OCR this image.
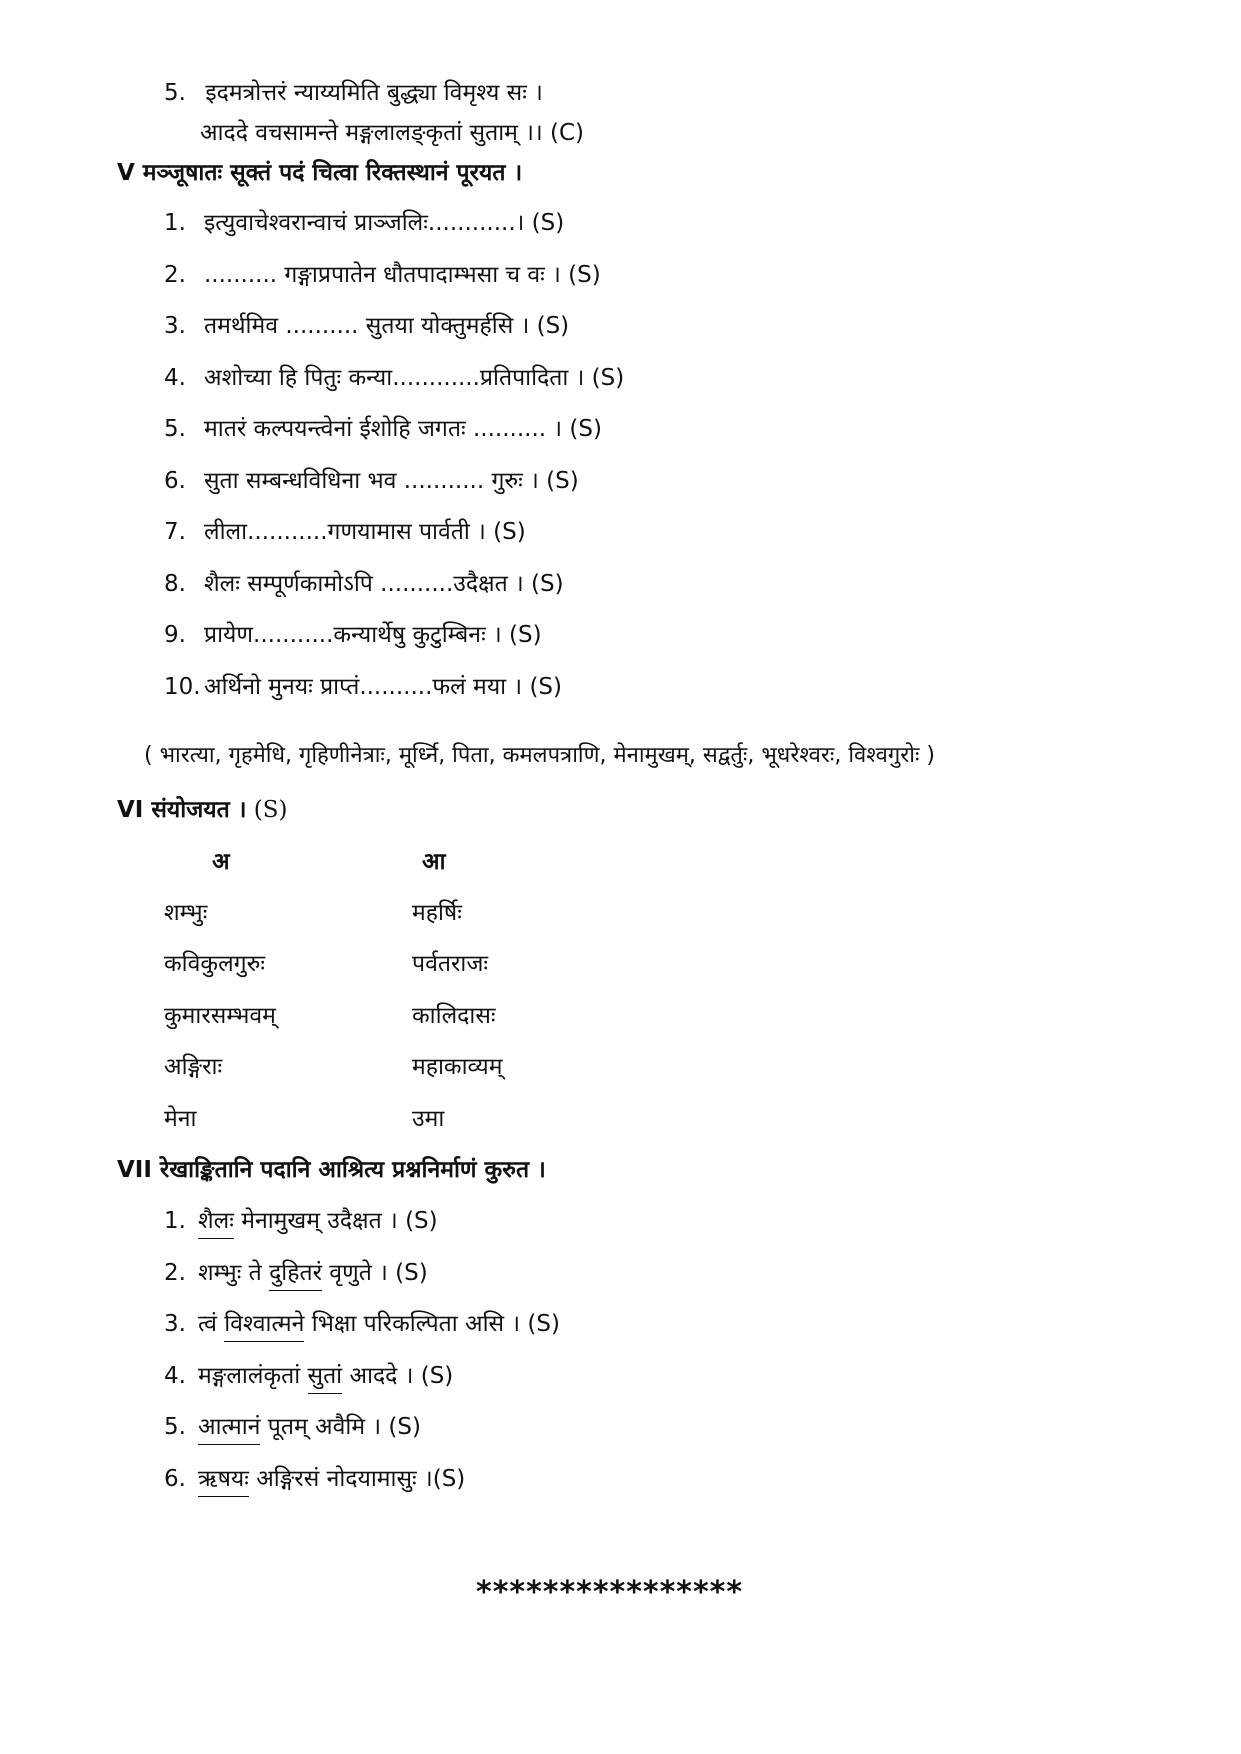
5. इदमत्रोत्तरं न्याय्यमिति बुद्ध्या विमृश्य सः ।
आददे वचसामन्ते मङ्गलालङ्कृतां सुताम् ।। (C)
V मञ्जूषातः सूक्तं पदं चित्वा रिक्तस्थानं पूरयत ।
1. इत्युवाचेश्वरान्वाचं प्राञ्जलिः............। (S)
2. .......... गङ्गाप्रपातेन धौतपादाम्भसा च वः । (S)
3. तमर्थमिव .......... सुतया योक्तुमर्हसि । (S)
4. अशोच्या हि पितुः कन्या............प्रतिपादिता । (S)
5. मातरं कल्पयन्त्वेनां ईशोहि जगतः .......... । (S)
6. सुता सम्बन्धविधिना भव ........... गुरुः । (S)
7. लीला...........गणयामास पार्वती । (S)
8. शैलः सम्पूर्णकामोऽपि ..........उदैक्षत । (S)
9. प्रायेण...........कन्यार्थेषु कुटुम्बिनः । (S)
10. अर्थिनो मुनयः प्राप्तं..........फलं मया । (S)
( भारत्या, गृहमेधि, गृहिणीनेत्राः, मूर्ध्नि, पिता, कमलपत्राणि, मेनामुखम्, सद्वर्तुः, भूधरेश्वरः, विश्वगुरोः )
VI संयोजयत । (S)
अ	आ
शम्भुः	महर्षिः
कविकुलगुरुः	पर्वतराजः
कुमारसम्भवम्	कालिदासः
अङ्गिराः	महाकाव्यम्
मेना	उमा
VII रेखाङ्कितानि पदानि आश्रित्य प्रश्ननिर्माणं कुरुत ।
1. शैलः मेनामुखम् उदैक्षत । (S)
2. शम्भुः ते दुहितरं वृणुते । (S)
3. त्वं विश्वात्मने भिक्षा परिकल्पिता असि । (S)
4. मङ्गलालंकृतां सुतां आददे । (S)
5. आत्मानं पूतम् अवैमि । (S)
6. ऋषयः अङ्गिरसं नोदयामासुः ।(S)
****************
